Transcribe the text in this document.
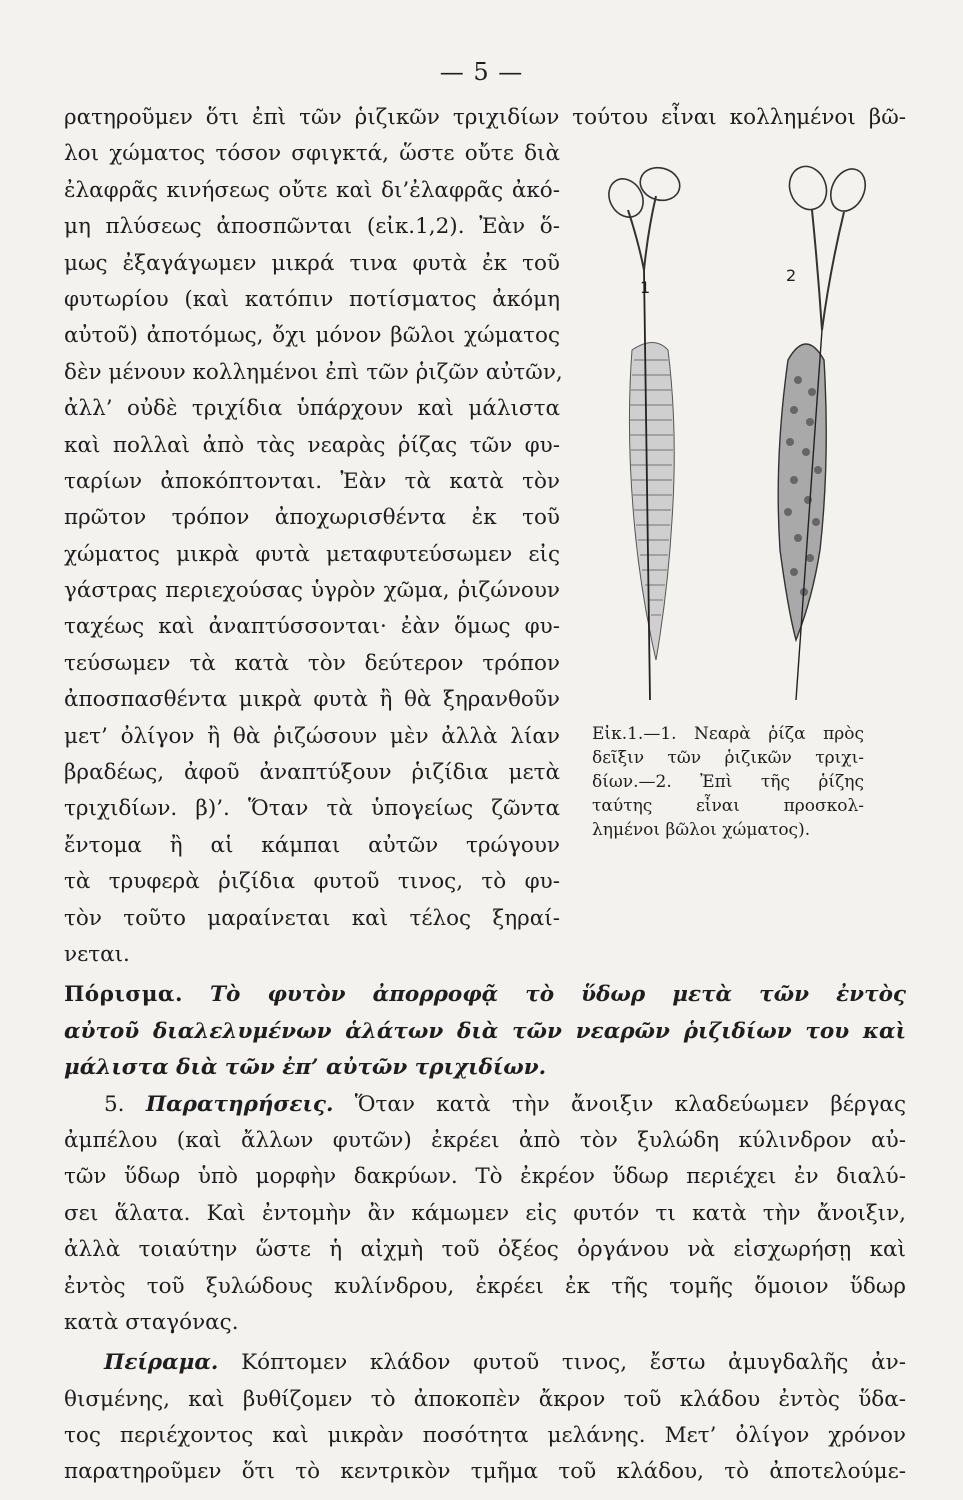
— 5 —
ρατηροῦμεν ὅτι ἐπὶ τῶν ῥιζικῶν τριχιδίων τούτου εἶναι κολλημένοι βῶ-
λοι χώματος τόσον σφιγκτά, ὥστε οὔτε διὰ
ἐλαφρᾶς κινήσεως οὔτε καὶ δι’ἐλαφρᾶς ἀκό-
μη πλύσεως ἀποσπῶνται (εἰκ.1,2). Ἐὰν ὅ-
μως ἐξαγάγωμεν μικρά τινα φυτὰ ἐκ τοῦ
φυτωρίου (καὶ κατόπιν ποτίσματος ἀκόμη
αὐτοῦ) ἀποτόμως, ὄχι μόνον βῶλοι χώματος
δὲν μένουν κολλημένοι ἐπὶ τῶν ῥιζῶν αὐτῶν,
ἀλλ’ οὐδὲ τριχίδια ὑπάρχουν καὶ μάλιστα
καὶ πολλαὶ ἀπὸ τὰς νεαρὰς ῥίζας τῶν φυ-
ταρίων ἀποκόπτονται. Ἐὰν τὰ κατὰ τὸν
πρῶτον τρόπον ἀποχωρισθέντα ἐκ τοῦ
χώματος μικρὰ φυτὰ μεταφυτεύσωμεν εἰς
γάστρας περιεχούσας ὑγρὸν χῶμα, ῥιζώνουν
ταχέως καὶ ἀναπτύσσονται· ἐὰν ὅμως φυ-
τεύσωμεν τὰ κατὰ τὸν δεύτερον τρόπον
ἀποσπασθέντα μικρὰ φυτὰ ἢ θὰ ξηρανθοῦν
μετ’ ὀλίγον ἢ θὰ ῥιζώσουν μὲν ἀλλὰ λίαν
βραδέως, ἀφοῦ ἀναπτύξουν ῥιζίδια μετὰ
τριχιδίων. β)’. Ὅταν τὰ ὑπογείως ζῶντα
ἔντομα ἢ αἱ κάμπαι αὐτῶν τρώγουν
τὰ τρυφερὰ ῥιζίδια φυτοῦ τινος, τὸ φυ-
τὸν τοῦτο μαραίνεται καὶ τέλος ξηραί-
νεται.
Πόρισμα. Τὸ φυτὸν ἀπορροφᾷ τὸ ὕδωρ μετὰ τῶν ἐντὸς
αὐτοῦ διαλελυμένων ἁλάτων διὰ τῶν νεαρῶν ῥιζιδίων του καὶ
μάλιστα διὰ τῶν ἐπ’ αὐτῶν τριχιδίων.
5. Παρατηρήσεις. Ὅταν κατὰ τὴν ἄνοιξιν κλαδεύωμεν βέργας
ἀμπέλου (καὶ ἄλλων φυτῶν) ἐκρέει ἀπὸ τὸν ξυλώδη κύλινδρον αὐ-
τῶν ὕδωρ ὑπὸ μορφὴν δακρύων. Τὸ ἐκρέον ὕδωρ περιέχει ἐν διαλύ-
σει ἅλατα. Καὶ ἐντομὴν ἂν κάμωμεν εἰς φυτόν τι κατὰ τὴν ἄνοιξιν,
ἀλλὰ τοιαύτην ὥστε ἡ αἰχμὴ τοῦ ὀξέος ὀργάνου νὰ εἰσχωρήσῃ καὶ
ἐντὸς τοῦ ξυλώδους κυλίνδρου, ἐκρέει ἐκ τῆς τομῆς ὅμοιον ὕδωρ
κατὰ σταγόνας.
Πείραμα. Κόπτομεν κλάδον φυτοῦ τινος, ἔστω ἀμυγδαλῆς ἀν-
θισμένης, καὶ βυθίζομεν τὸ ἀποκοπὲν ἄκρον τοῦ κλάδου ἐντὸς ὕδα-
τος περιέχοντος καὶ μικρὰν ποσότητα μελάνης. Μετ’ ὀλίγον χρόνον
παρατηροῦμεν ὅτι τὸ κεντρικὸν τμῆμα τοῦ κλάδου, τὸ ἀποτελούμε-
1
2
Εἰκ.1.—1. Νεαρὰ ῥίζα πρὸς
δεῖξιν τῶν ῥιζικῶν τριχι-
δίων.—2. Ἐπὶ τῆς ῥίζης
ταύτης εἶναι προσκολ-
λημένοι βῶλοι χώματος).
